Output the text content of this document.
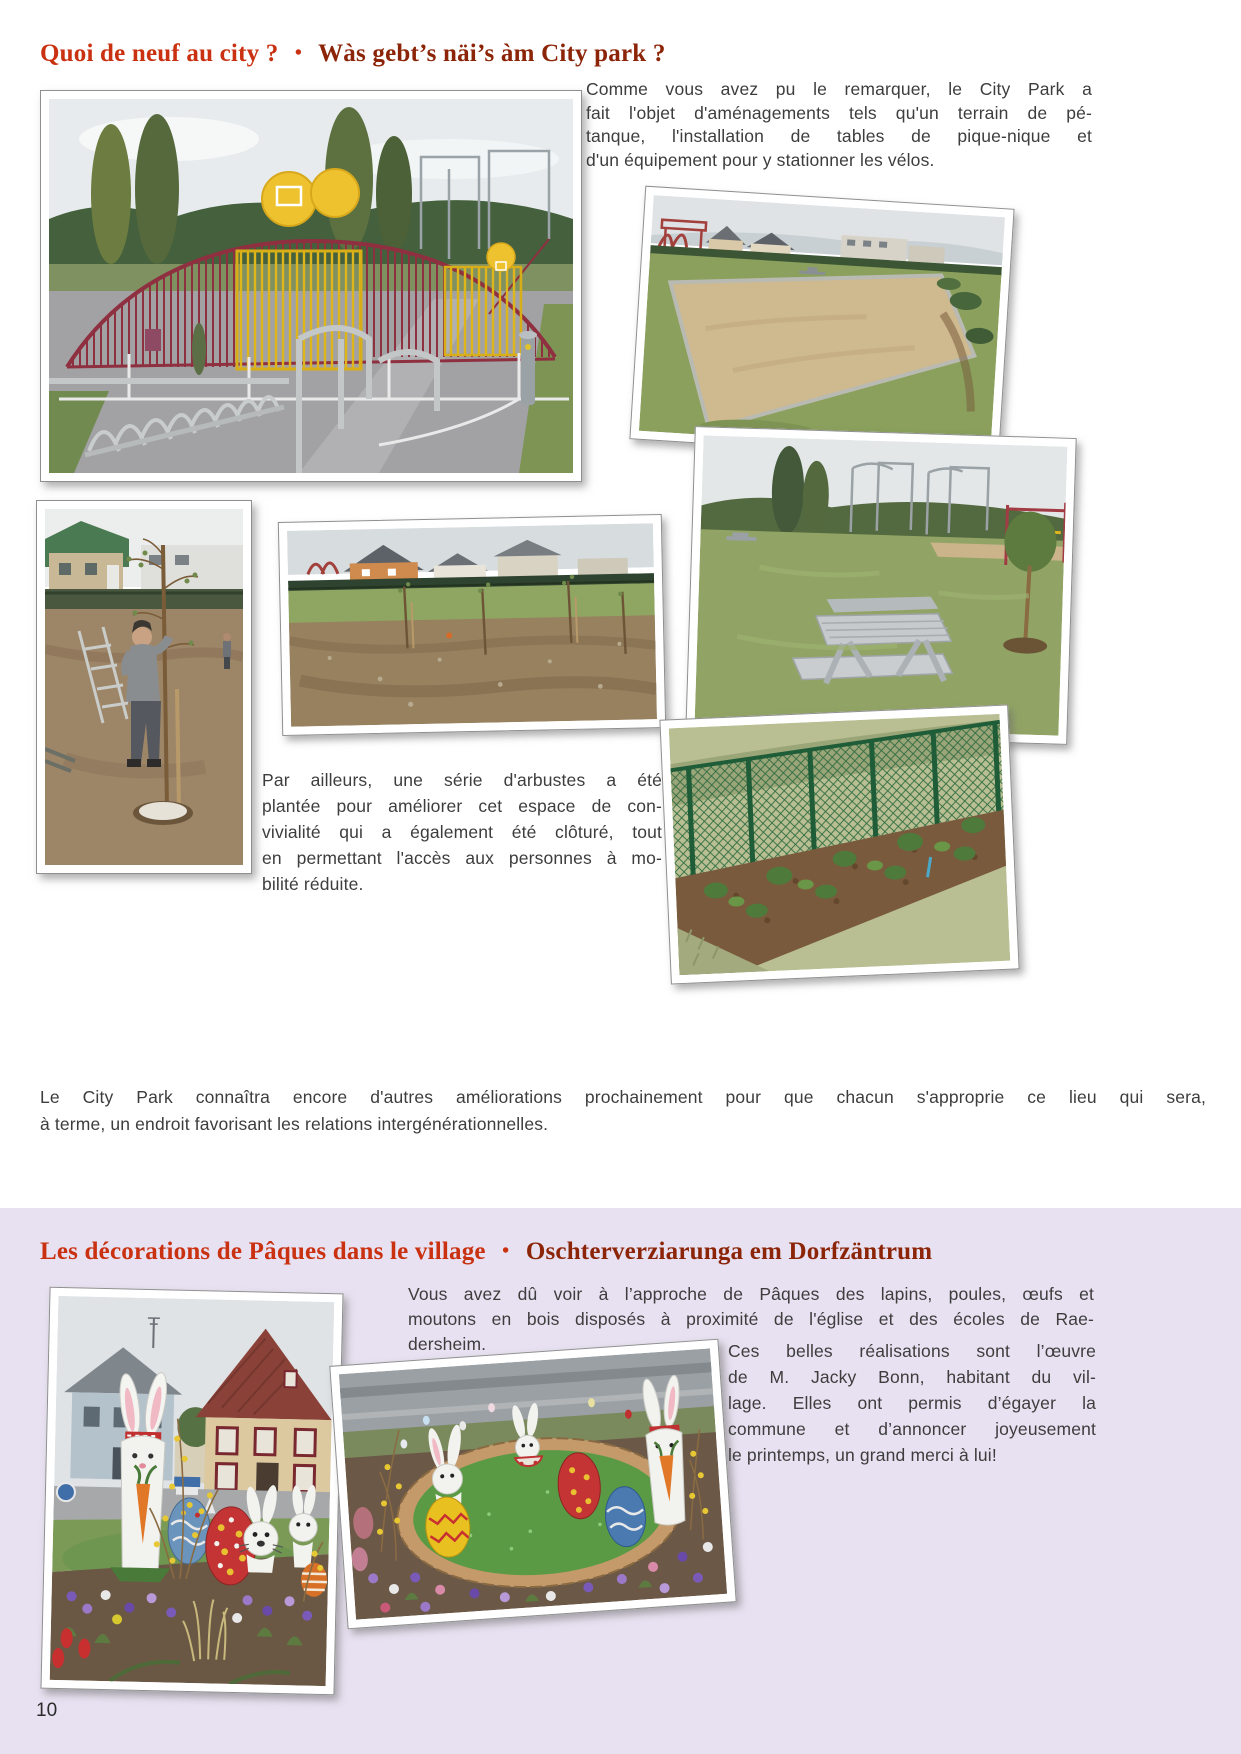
Quoi de neuf au city ? • Wàs gebt’s näi’s àm City park ?
Comme vous avez pu le remarquer, le City Park a
fait l'objet d'aménagements tels qu'un terrain de pé-
tanque, l'installation de tables de pique-nique et
d'un équipement pour y stationner les vélos.
Par ailleurs, une série d'arbustes a été
plantée pour améliorer cet espace de con-
vivialité qui a également été clôturé, tout
en permettant l'accès aux personnes à mo-
bilité réduite.
Le City Park connaîtra encore d'autres améliorations prochainement pour que chacun s'approprie ce lieu qui sera,
à terme, un endroit favorisant les relations intergénérationnelles.
Les décorations de Pâques dans le village • Oschterverziarunga em Dorfzäntrum
Vous avez dû voir à l’approche de Pâques des lapins, poules, œufs et
moutons en bois disposés à proximité de l'église et des écoles de Rae-
dersheim.	Ces belles réalisations sont l’œuvre
de M. Jacky Bonn, habitant du vil-
lage. Elles ont permis d’égayer la
commune et d’annoncer joyeusement
le printemps, un grand merci à lui!
10
